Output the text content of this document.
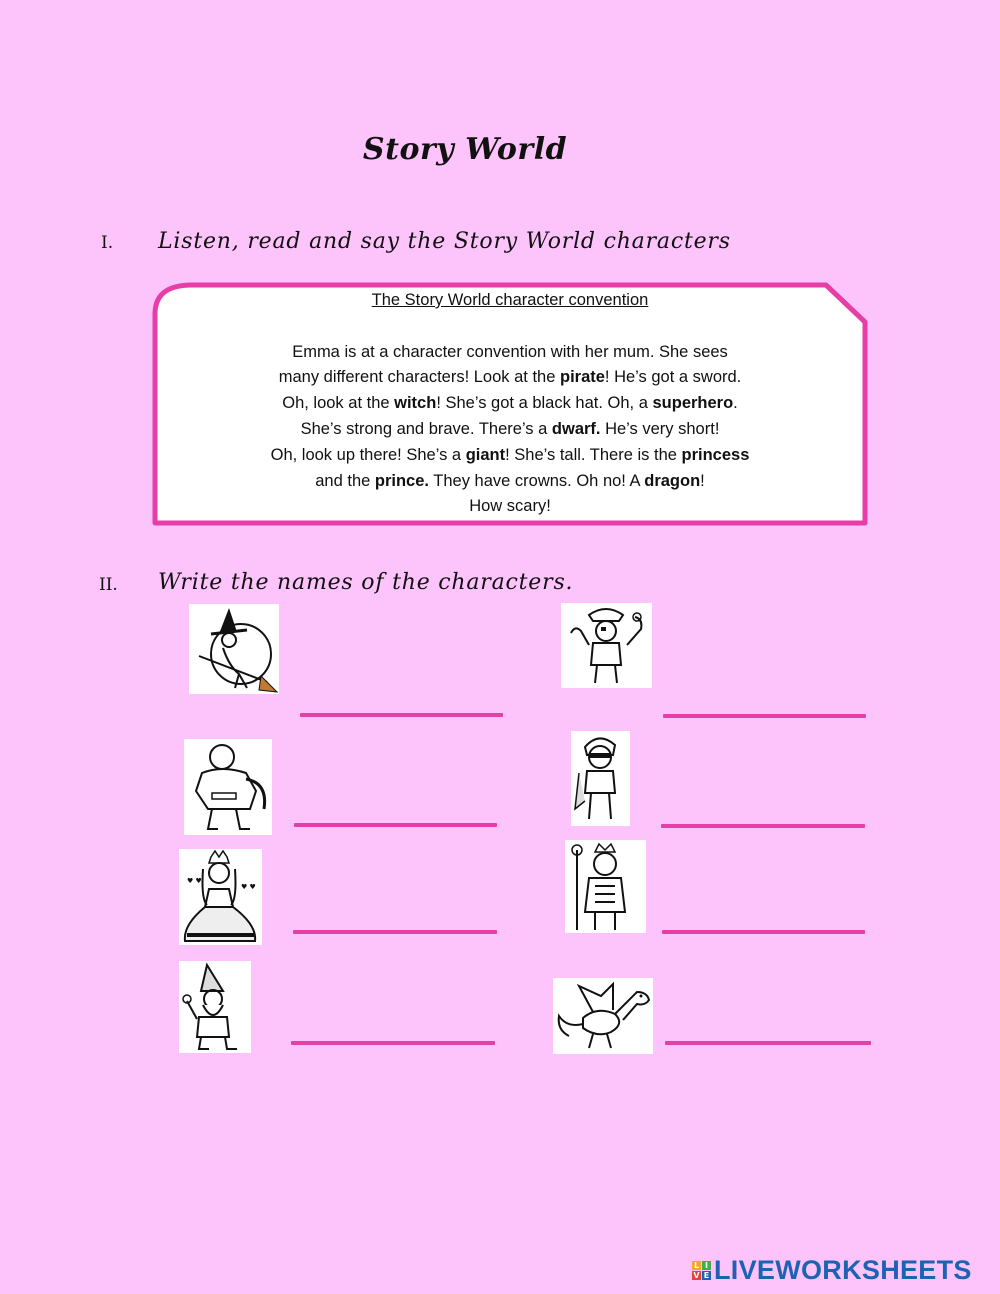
Story World
I. Listen, read and say the Story World characters
The Story World character convention
Emma is at a character convention with her mum. She sees
many different characters! Look at the pirate! He’s got a sword.
Oh, look at the witch! She’s got a black hat. Oh, a superhero.
She’s strong and brave. There’s a dwarf. He’s very short!
Oh, look up there! She’s a giant! She’s tall. There is the princess
and the prince. They have crowns. Oh no! A dragon!
How scary!
II. Write the names of the characters.
♥ ♥
♥ ♥
L I
V E LIVEWORKSHEETS
